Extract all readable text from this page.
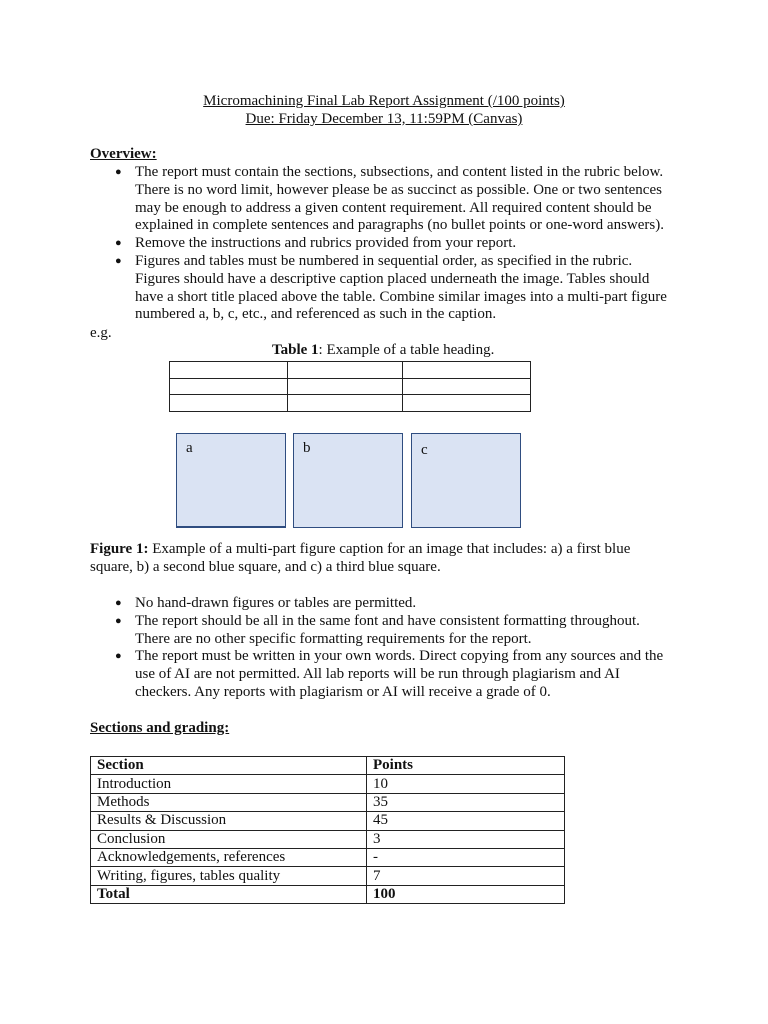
Micromachining Final Lab Report Assignment (/100 points)
Due: Friday December 13, 11:59PM (Canvas)
Overview:
● The report must contain the sections, subsections, and content listed in the rubric below.
There is no word limit, however please be as succinct as possible. One or two sentences
may be enough to address a given content requirement. All required content should be
explained in complete sentences and paragraphs (no bullet points or one-word answers).
● Remove the instructions and rubrics provided from your report.
● Figures and tables must be numbered in sequential order, as specified in the rubric.
Figures should have a descriptive caption placed underneath the image. Tables should
have a short title placed above the table. Combine similar images into a multi-part figure
numbered a, b, c, etc., and referenced as such in the caption.
e.g.
Table 1: Example of a table heading.

a	b	c
Figure 1: Example of a multi-part figure caption for an image that includes: a) a first blue
square, b) a second blue square, and c) a third blue square.
● No hand-drawn figures or tables are permitted.
● The report should be all in the same font and have consistent formatting throughout.
There are no other specific formatting requirements for the report.
● The report must be written in your own words. Direct copying from any sources and the
use of AI are not permitted. All lab reports will be run through plagiarism and AI
checkers. Any reports with plagiarism or AI will receive a grade of 0.
Sections and grading:
Section	Points
Introduction	10
Methods	35
Results & Discussion	45
Conclusion	3
Acknowledgements, references	-
Writing, figures, tables quality	7
Total	100
